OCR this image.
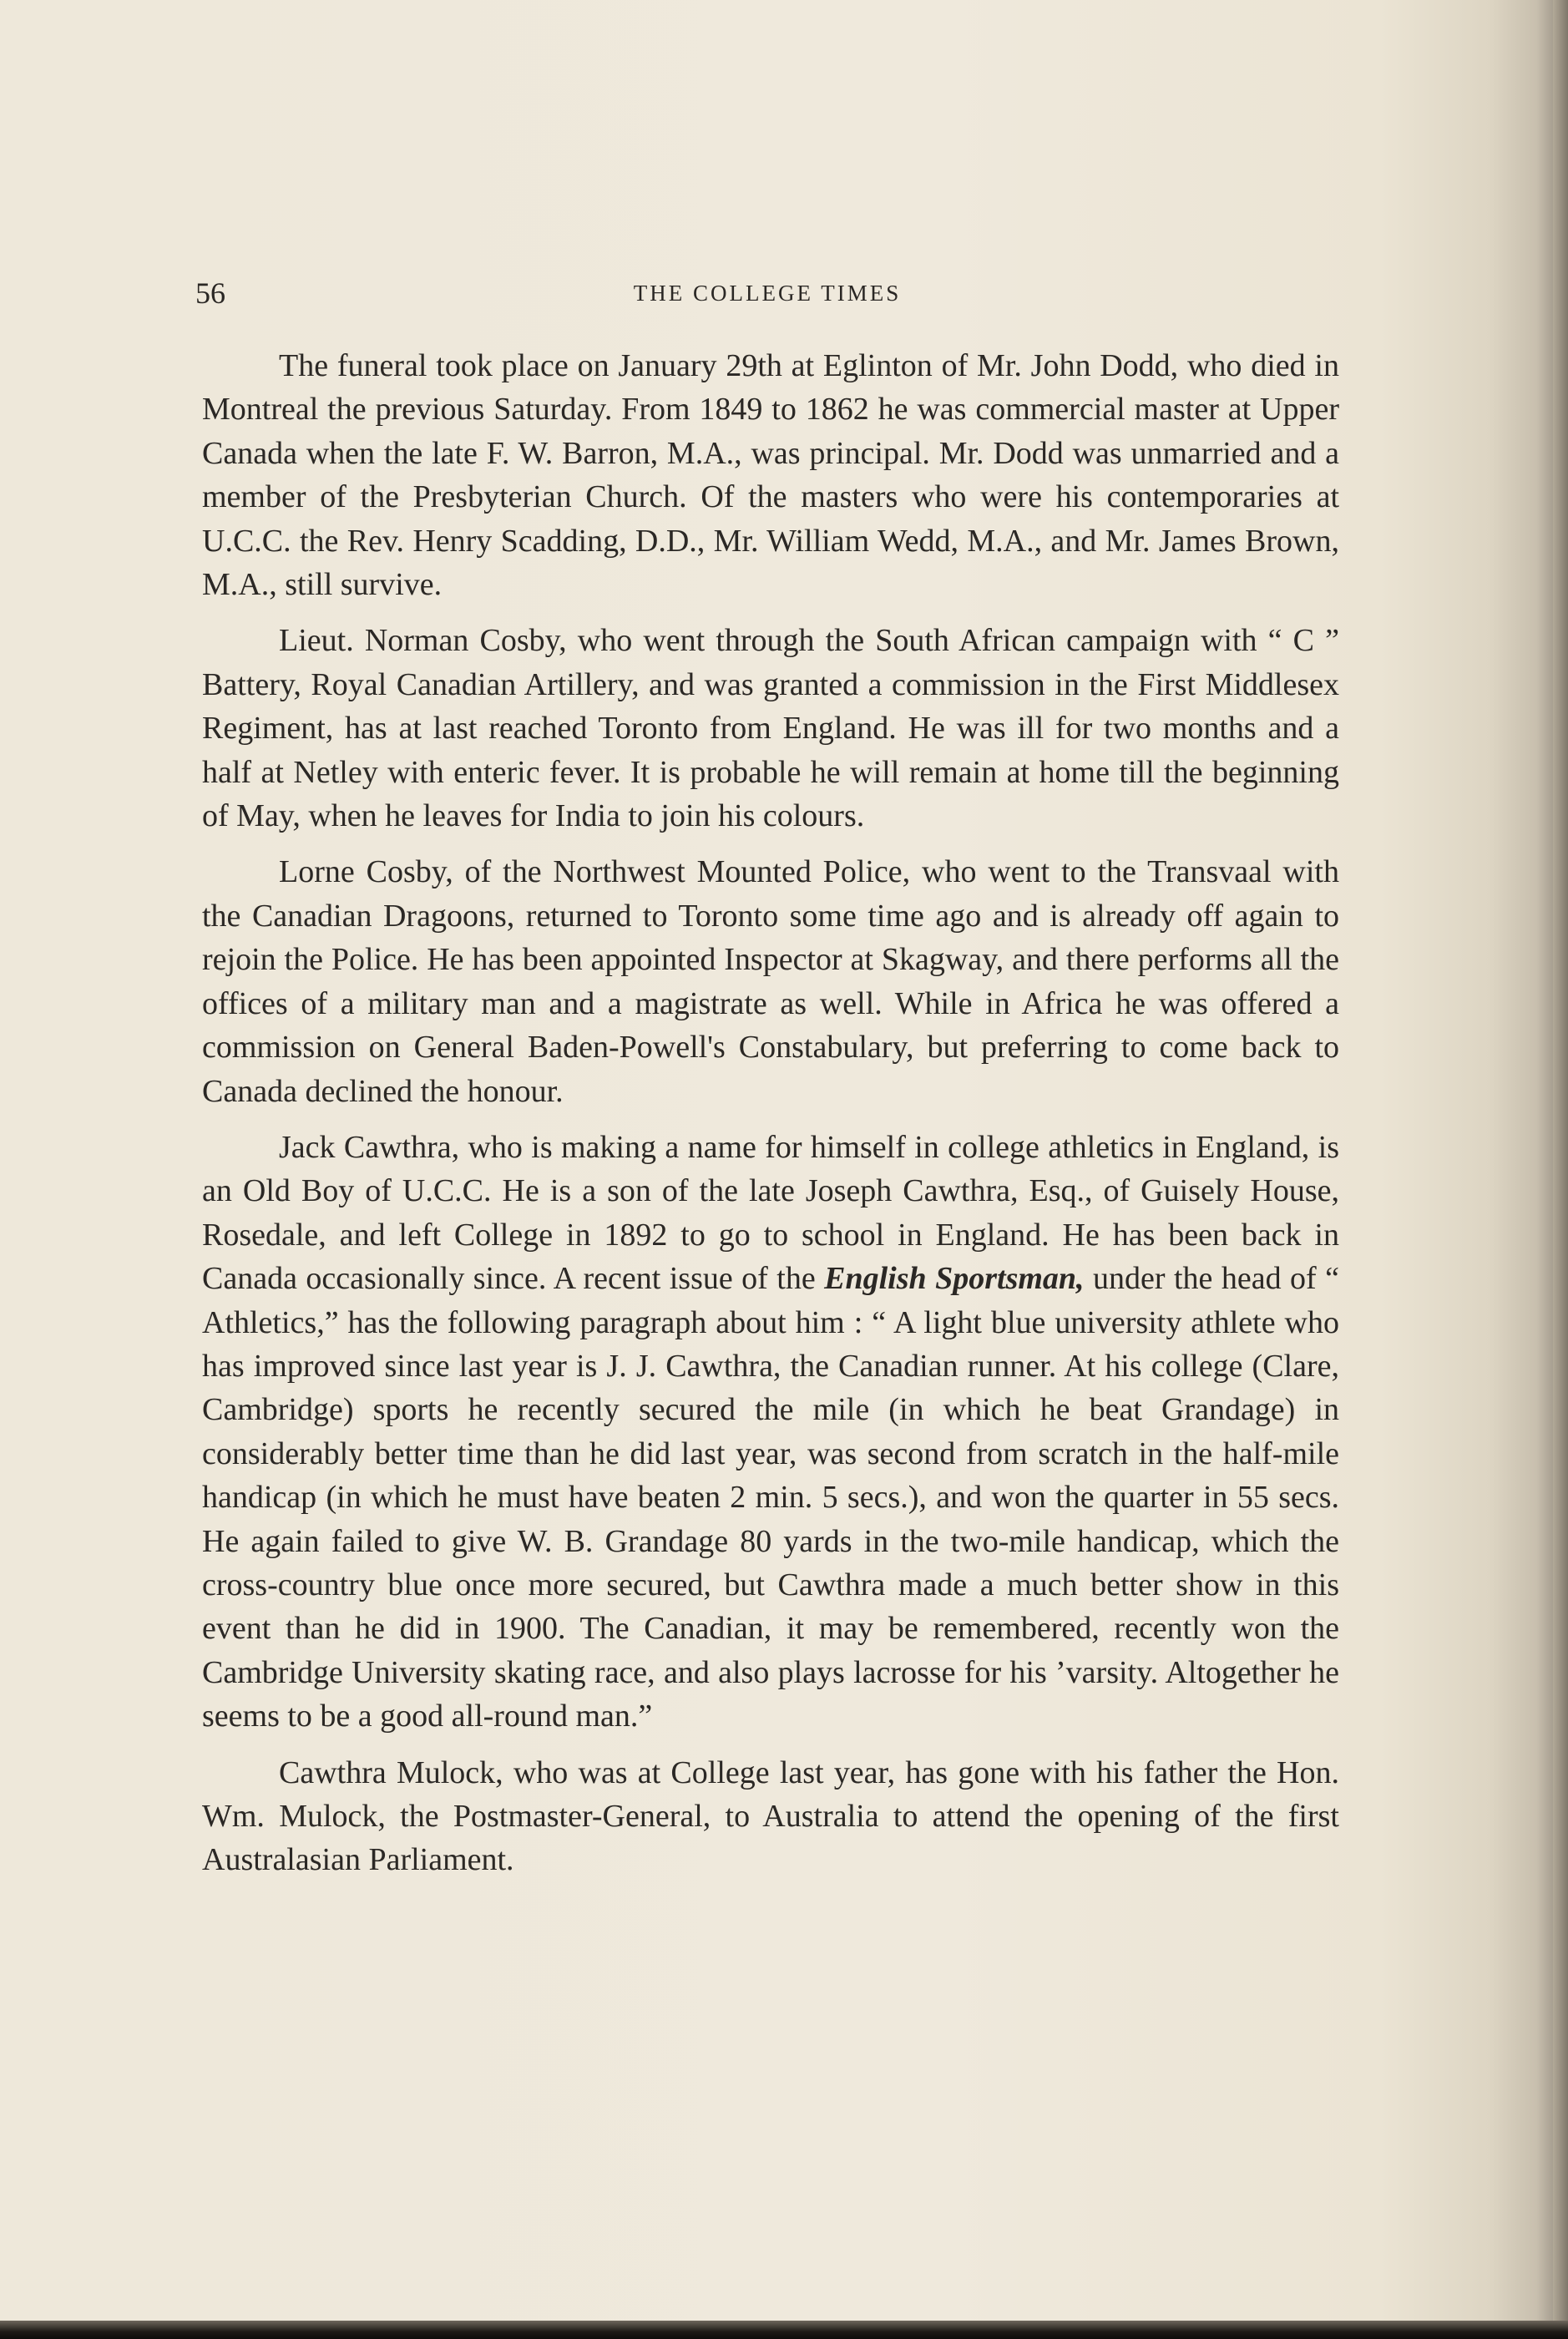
56	THE COLLEGE TIMES

The funeral took place on January 29th at Eglinton of Mr. John Dodd, who died in Montreal the previous Saturday. From 1849 to 1862 he was commercial master at Upper Canada when the late F. W. Barron, M.A., was principal. Mr. Dodd was unmarried and a member of the Presbyterian Church. Of the masters who were his contemporaries at U.C.C. the Rev. Henry Scadding, D.D., Mr. William Wedd, M.A., and Mr. James Brown, M.A., still survive.

Lieut. Norman Cosby, who went through the South African campaign with “ C ” Battery, Royal Canadian Artillery, and was granted a commission in the First Middlesex Regiment, has at last reached Toronto from England. He was ill for two months and a half at Netley with enteric fever. It is probable he will remain at home till the beginning of May, when he leaves for India to join his colours.

Lorne Cosby, of the Northwest Mounted Police, who went to the Transvaal with the Canadian Dragoons, returned to Toronto some time ago and is already off again to rejoin the Police. He has been appointed Inspector at Skagway, and there performs all the offices of a military man and a magistrate as well. While in Africa he was offered a commission on General Baden-Powell's Constabulary, but preferring to come back to Canada declined the honour.

Jack Cawthra, who is making a name for himself in college athletics in England, is an Old Boy of U.C.C. He is a son of the late Joseph Cawthra, Esq., of Guisely House, Rosedale, and left College in 1892 to go to school in England. He has been back in Canada occasionally since. A recent issue of the English Sportsman, under the head of “ Athletics,” has the following paragraph about him : “ A light blue university athlete who has improved since last year is J. J. Cawthra, the Canadian runner. At his college (Clare, Cambridge) sports he recently secured the mile (in which he beat Grandage) in considerably better time than he did last year, was second from scratch in the half-mile handicap (in which he must have beaten 2 min. 5 secs.), and won the quarter in 55 secs. He again failed to give W. B. Grandage 80 yards in the two-mile handicap, which the cross-country blue once more secured, but Cawthra made a much better show in this event than he did in 1900. The Canadian, it may be remembered, recently won the Cambridge University skating race, and also plays lacrosse for his ’varsity. Altogether he seems to be a good all-round man.”

Cawthra Mulock, who was at College last year, has gone with his father the Hon. Wm. Mulock, the Postmaster-General, to Australia to attend the opening of the first Australasian Parliament.
